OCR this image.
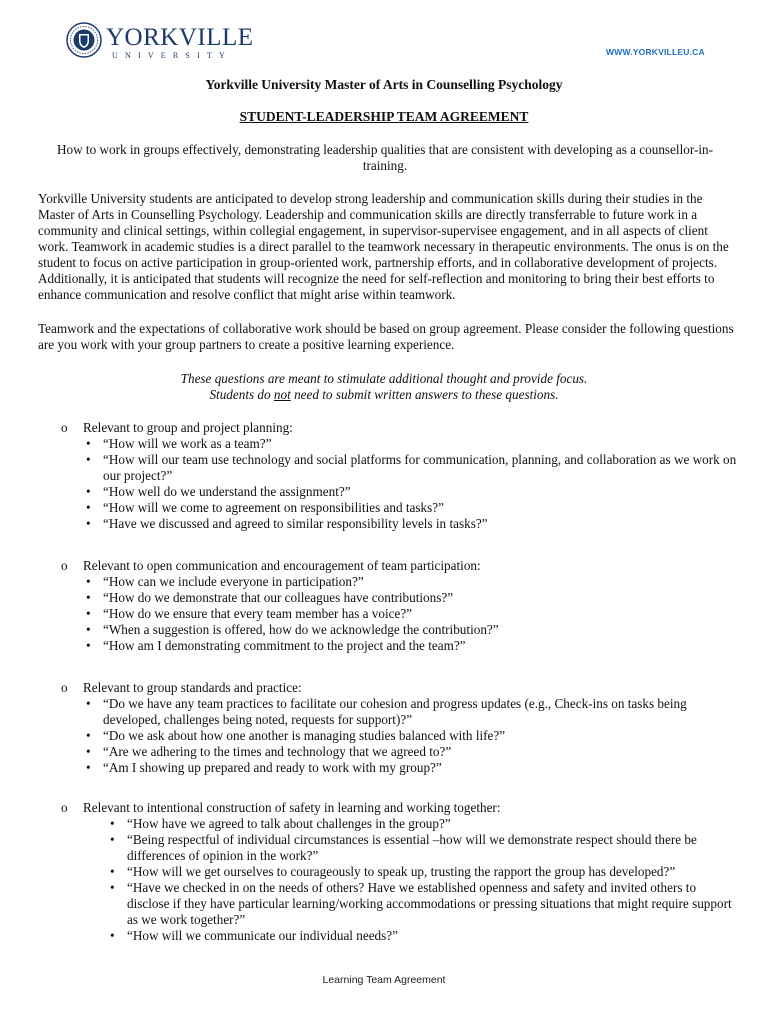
YORKVILLE
UNIVERSITY	WWW.YORKVILLEU.CA
Yorkville University Master of Arts in Counselling Psychology
STUDENT-LEADERSHIP TEAM AGREEMENT
How to work in groups effectively, demonstrating leadership qualities that are consistent with developing as a counsellor-in-training.
Yorkville University students are anticipated to develop strong leadership and communication skills during their studies in the Master of Arts in Counselling Psychology. Leadership and communication skills are directly transferrable to future work in a community and clinical settings, within collegial engagement, in supervisor-supervisee engagement, and in all aspects of client work. Teamwork in academic studies is a direct parallel to the teamwork necessary in therapeutic environments. The onus is on the student to focus on active participation in group-oriented work, partnership efforts, and in collaborative development of projects. Additionally, it is anticipated that students will recognize the need for self-reflection and monitoring to bring their best efforts to enhance communication and resolve conflict that might arise within teamwork.
Teamwork and the expectations of collaborative work should be based on group agreement. Please consider the following questions are you work with your group partners to create a positive learning experience.
These questions are meant to stimulate additional thought and provide focus.
Students do not need to submit written answers to these questions.
o Relevant to group and project planning:
• “How will we work as a team?”
• “How will our team use technology and social platforms for communication, planning, and collaboration as we work on our project?”
• “How well do we understand the assignment?”
• “How will we come to agreement on responsibilities and tasks?”
• “Have we discussed and agreed to similar responsibility levels in tasks?”
o Relevant to open communication and encouragement of team participation:
• “How can we include everyone in participation?”
• “How do we demonstrate that our colleagues have contributions?”
• “How do we ensure that every team member has a voice?”
• “When a suggestion is offered, how do we acknowledge the contribution?”
• “How am I demonstrating commitment to the project and the team?”
o Relevant to group standards and practice:
• “Do we have any team practices to facilitate our cohesion and progress updates (e.g., Check-ins on tasks being developed, challenges being noted, requests for support)?”
• “Do we ask about how one another is managing studies balanced with life?”
• “Are we adhering to the times and technology that we agreed to?”
• “Am I showing up prepared and ready to work with my group?”
o Relevant to intentional construction of safety in learning and working together:
• “How have we agreed to talk about challenges in the group?”
• “Being respectful of individual circumstances is essential –how will we demonstrate respect should there be differences of opinion in the work?”
• “How will we get ourselves to courageously to speak up, trusting the rapport the group has developed?”
• “Have we checked in on the needs of others? Have we established openness and safety and invited others to disclose if they have particular learning/working accommodations or pressing situations that might require support as we work together?”
• “How will we communicate our individual needs?”
Learning Team Agreement
